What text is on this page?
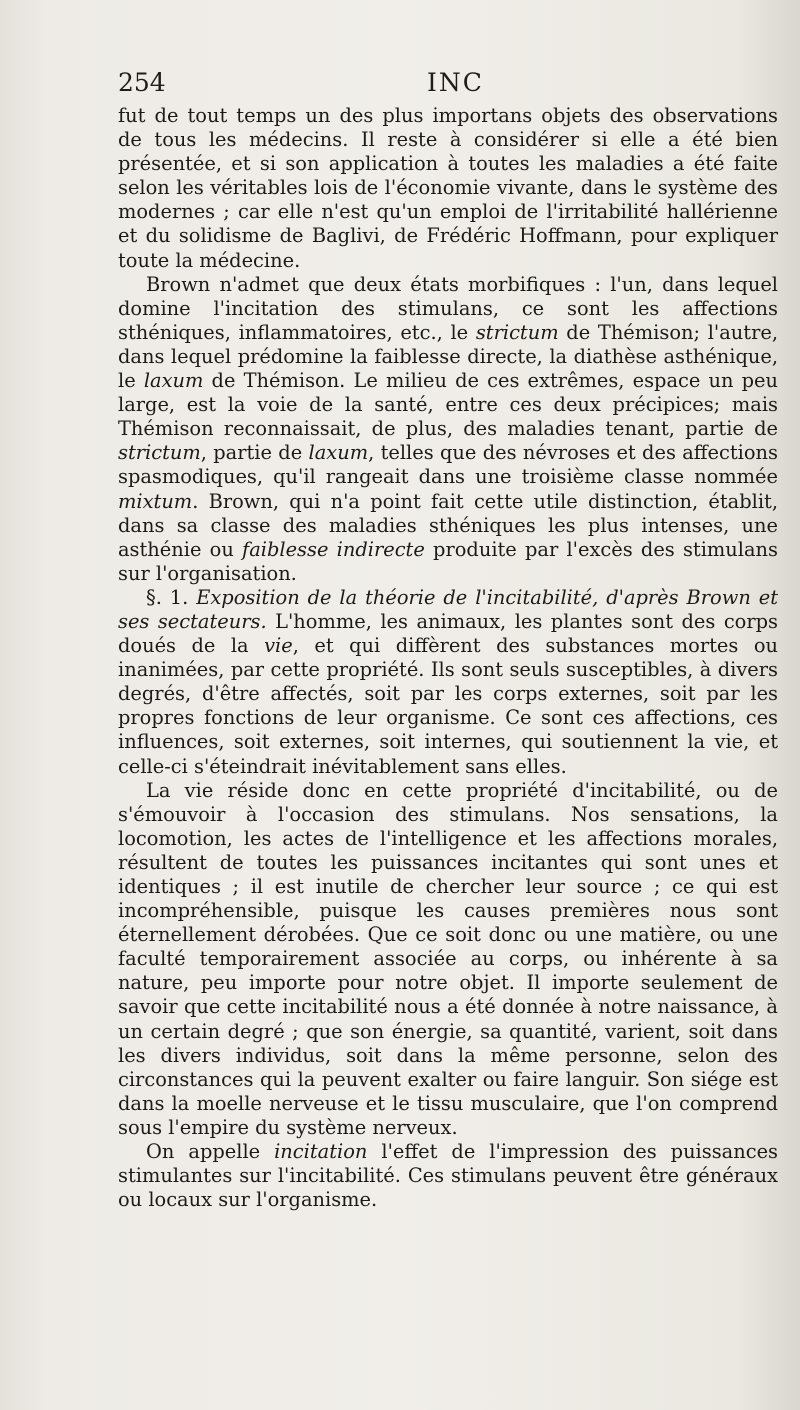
254	INC

fut de tout temps un des plus importans objets des observations de tous les médecins. Il reste à considérer si elle a été bien présentée, et si son application à toutes les maladies a été faite selon les véritables lois de l'économie vivante, dans le système des modernes ; car elle n'est qu'un emploi de l'irritabilité hallérienne et du solidisme de Baglivi, de Frédéric Hoffmann, pour expliquer toute la médecine.

Brown n'admet que deux états morbifiques : l'un, dans lequel domine l'incitation des stimulans, ce sont les affections sthéniques, inflammatoires, etc., le strictum de Thémison; l'autre, dans lequel prédomine la faiblesse directe, la diathèse asthénique, le laxum de Thémison. Le milieu de ces extrêmes, espace un peu large, est la voie de la santé, entre ces deux précipices; mais Thémison reconnaissait, de plus, des maladies tenant, partie de strictum, partie de laxum, telles que des névroses et des affections spasmodiques, qu'il rangeait dans une troisième classe nommée mixtum. Brown, qui n'a point fait cette utile distinction, établit, dans sa classe des maladies sthéniques les plus intenses, une asthénie ou faiblesse indirecte produite par l'excès des stimulans sur l'organisation.

§. 1. Exposition de la théorie de l'incitabilité, d'après Brown et ses sectateurs. L'homme, les animaux, les plantes sont des corps doués de la vie, et qui diffèrent des substances mortes ou inanimées, par cette propriété. Ils sont seuls susceptibles, à divers degrés, d'être affectés, soit par les corps externes, soit par les propres fonctions de leur organisme. Ce sont ces affections, ces influences, soit externes, soit internes, qui soutiennent la vie, et celle-ci s'éteindrait inévitablement sans elles.

La vie réside donc en cette propriété d'incitabilité, ou de s'émouvoir à l'occasion des stimulans. Nos sensations, la locomotion, les actes de l'intelligence et les affections morales, résultent de toutes les puissances incitantes qui sont unes et identiques ; il est inutile de chercher leur source ; ce qui est incompréhensible, puisque les causes premières nous sont éternellement dérobées. Que ce soit donc ou une matière, ou une faculté temporairement associée au corps, ou inhérente à sa nature, peu importe pour notre objet. Il importe seulement de savoir que cette incitabilité nous a été donnée à notre naissance, à un certain degré ; que son énergie, sa quantité, varient, soit dans les divers individus, soit dans la même personne, selon des circonstances qui la peuvent exalter ou faire languir. Son siége est dans la moelle nerveuse et le tissu musculaire, que l'on comprend sous l'empire du système nerveux.

On appelle incitation l'effet de l'impression des puissances stimulantes sur l'incitabilité. Ces stimulans peuvent être généraux ou locaux sur l'organisme.
